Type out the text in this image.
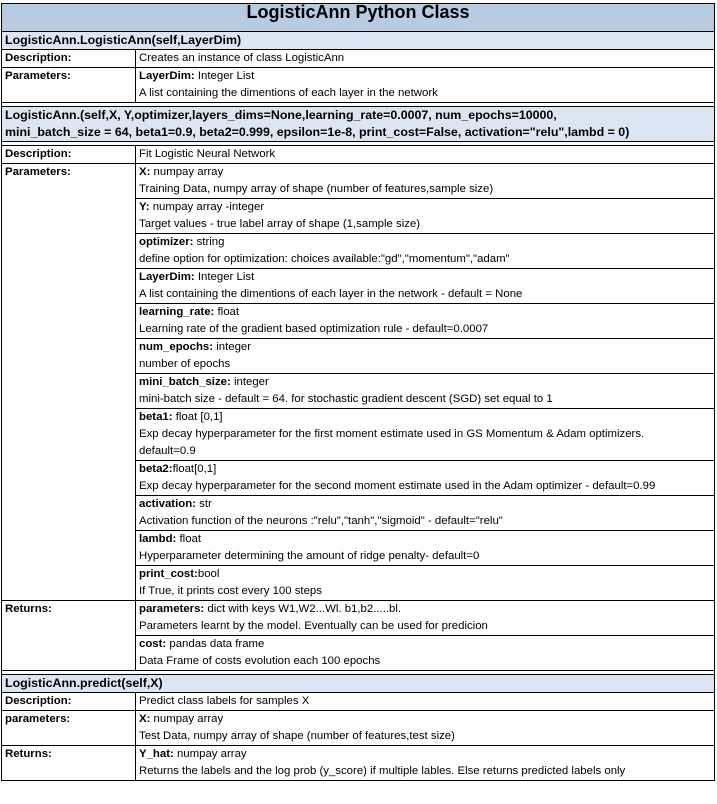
LogisticAnn Python Class	
LogisticAnn.LogisticAnn(self,LayerDim)	
Description:	Creates an instance of class LogisticAnn
Parameters:	LayerDim: Integer List
A list containing the dimentions of each layer in the network

LogisticAnn.(self,X, Y,optimizer,layers_dims=None,learning_rate=0.0007, num_epochs=10000,
mini_batch_size = 64, beta1=0.9, beta2=0.999, epsilon=1e-8, print_cost=False, activation="relu",lambd = 0)	

Description:	Fit Logistic Neural Network
Parameters:	X: numpay array
Training Data, numpy array of shape (number of features,sample size)

	Y: numpay array -integer
Target values - true label array of shape (1,sample size)

	optimizer: string
define option for optimization: choices available:"gd","momentum","adam"

	LayerDim: Integer List
A list containing the dimentions of each layer in the network - default = None

	learning_rate: float
Learning rate of the gradient based optimization rule - default=0.0007

	num_epochs: integer
number of epochs

	mini_batch_size: integer
mini-batch size - default = 64. for stochastic gradient descent (SGD) set equal to 1

	beta1: float [0,1]
Exp decay hyperparameter for the first moment estimate used in GS Momentum & Adam optimizers.
default=0.9

	beta2:float[0,1]
Exp decay hyperparameter for the second moment estimate used in the Adam optimizer - default=0.99

	activation: str
Activation function of the neurons :"relu","tanh","sigmoid" - default="relu"

	lambd: float
Hyperparameter determining the amount of ridge penalty- default=0

	print_cost:bool
If True, it prints cost every 100 steps

Returns:	parameters: dict with keys W1,W2...Wl. b1,b2.....bl.
Parameters learnt by the model. Eventually can be used for predicion

	cost: pandas data frame
Data Frame of costs evolution each 100 epochs

LogisticAnn.predict(self,X)	
Description:	Predict class labels for samples X
parameters:	X: numpay array
Test Data, numpy array of shape (number of features,test size)

Returns:	Y_hat: numpay array
Returns the labels and the log prob (y_score) if multiple lables. Else returns predicted labels only
